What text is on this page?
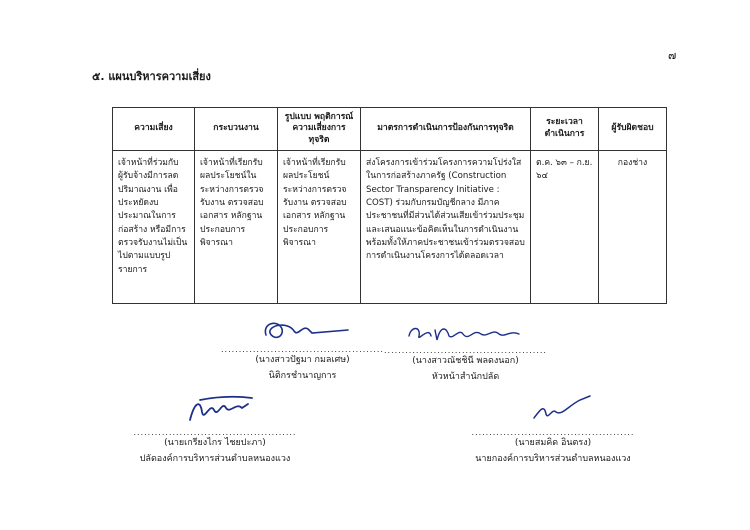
๗
๕. แผนบริหารความเสี่ยง
ความเสี่ยง	กระบวนงาน	รูปแบบ พฤติการณ์ ความเสี่ยงการทุจริต	มาตรการดำเนินการป้องกันการทุจริต	ระยะเวลา ดำเนินการ	ผู้รับผิดชอบ
เจ้าหน้าที่ร่วมกับผู้รับจ้างมีการลดปริมาณงาน เพื่อประหยัดงบประมาณในการก่อสร้าง หรือมีการตรวจรับงานไม่เป็นไปตามแบบรูปรายการ	เจ้าหน้าที่เรียกรับผลประโยชน์ในระหว่างการตรวจรับงาน ตรวจสอบเอกสาร หลักฐานประกอบการพิจารณา	เจ้าหน้าที่เรียกรับผลประโยชน์ระหว่างการตรวจรับงาน ตรวจสอบเอกสาร หลักฐานประกอบการพิจารณา	ส่งโครงการเข้าร่วมโครงการความโปร่งใสในการก่อสร้างภาครัฐ (Construction Sector Transparency Initiative : COST) ร่วมกับกรมบัญชีกลาง มีภาคประชาชนที่มีส่วนได้ส่วนเสียเข้าร่วมประชุมและเสนอแนะข้อคิดเห็นในการดำเนินงาน พร้อมทั้งให้ภาคประชาชนเข้าร่วมตรวจสอบการดำเนินงานโครงการได้ตลอดเวลา	ต.ค. ๖๓ – ก.ย. ๖๔	กองช่าง
..............................................
(นางสาวปัฐมา กมลเศษ)
นิติกรชำนาญการ
..............................................
(นางสาวณัชชินี พลดงนอก)
หัวหน้าสำนักปลัด
..............................................
(นายเกรียงไกร ไชยปะภา)
ปลัดองค์การบริหารส่วนตำบลหนองแวง
..............................................
(นายสมคิด อินตรง)
นายกองค์การบริหารส่วนตำบลหนองแวง
